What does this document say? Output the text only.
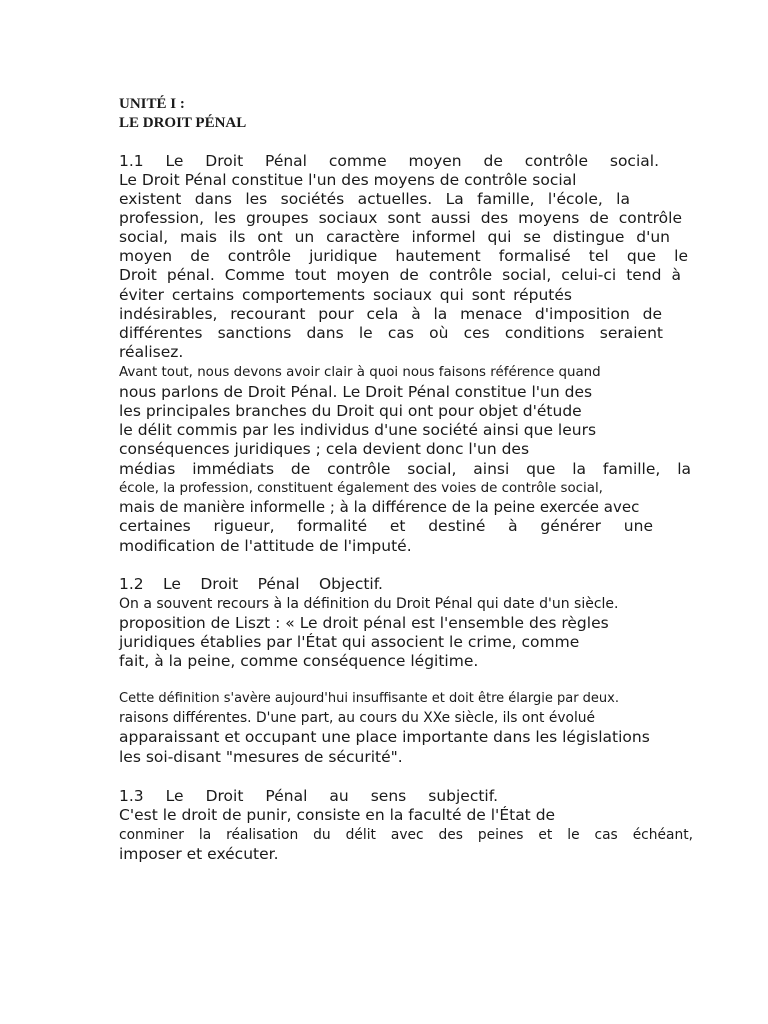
UNITÉ I :
LE DROIT PÉNAL
1.1 Le Droit Pénal comme moyen de contrôle social.
Le Droit Pénal constitue l'un des moyens de contrôle social
existent dans les sociétés actuelles. La famille, l'école, la
profession, les groupes sociaux sont aussi des moyens de contrôle
social, mais ils ont un caractère informel qui se distingue d'un
moyen de contrôle juridique hautement formalisé tel que le
Droit pénal. Comme tout moyen de contrôle social, celui-ci tend à
éviter certains comportements sociaux qui sont réputés
indésirables, recourant pour cela à la menace d'imposition de
différentes sanctions dans le cas où ces conditions seraient
réalisez.
Avant tout, nous devons avoir clair à quoi nous faisons référence quand
nous parlons de Droit Pénal. Le Droit Pénal constitue l'un des
les principales branches du Droit qui ont pour objet d'étude
le délit commis par les individus d'une société ainsi que leurs
conséquences juridiques ; cela devient donc l'un des
médias immédiats de contrôle social, ainsi que la famille, la
école, la profession, constituent également des voies de contrôle social,
mais de manière informelle ; à la différence de la peine exercée avec
certaines rigueur, formalité et destiné à générer une
modification de l'attitude de l'imputé.
1.2 Le Droit Pénal Objectif.
On a souvent recours à la définition du Droit Pénal qui date d'un siècle.
proposition de Liszt : « Le droit pénal est l'ensemble des règles
juridiques établies par l'État qui associent le crime, comme
fait, à la peine, comme conséquence légitime.
Cette définition s'avère aujourd'hui insuffisante et doit être élargie par deux.
raisons différentes. D'une part, au cours du XXe siècle, ils ont évolué
apparaissant et occupant une place importante dans les législations
les soi-disant "mesures de sécurité".
1.3 Le Droit Pénal au sens subjectif.
C'est le droit de punir, consiste en la faculté de l'État de
conminer la réalisation du délit avec des peines et le cas échéant,
imposer et exécuter.
